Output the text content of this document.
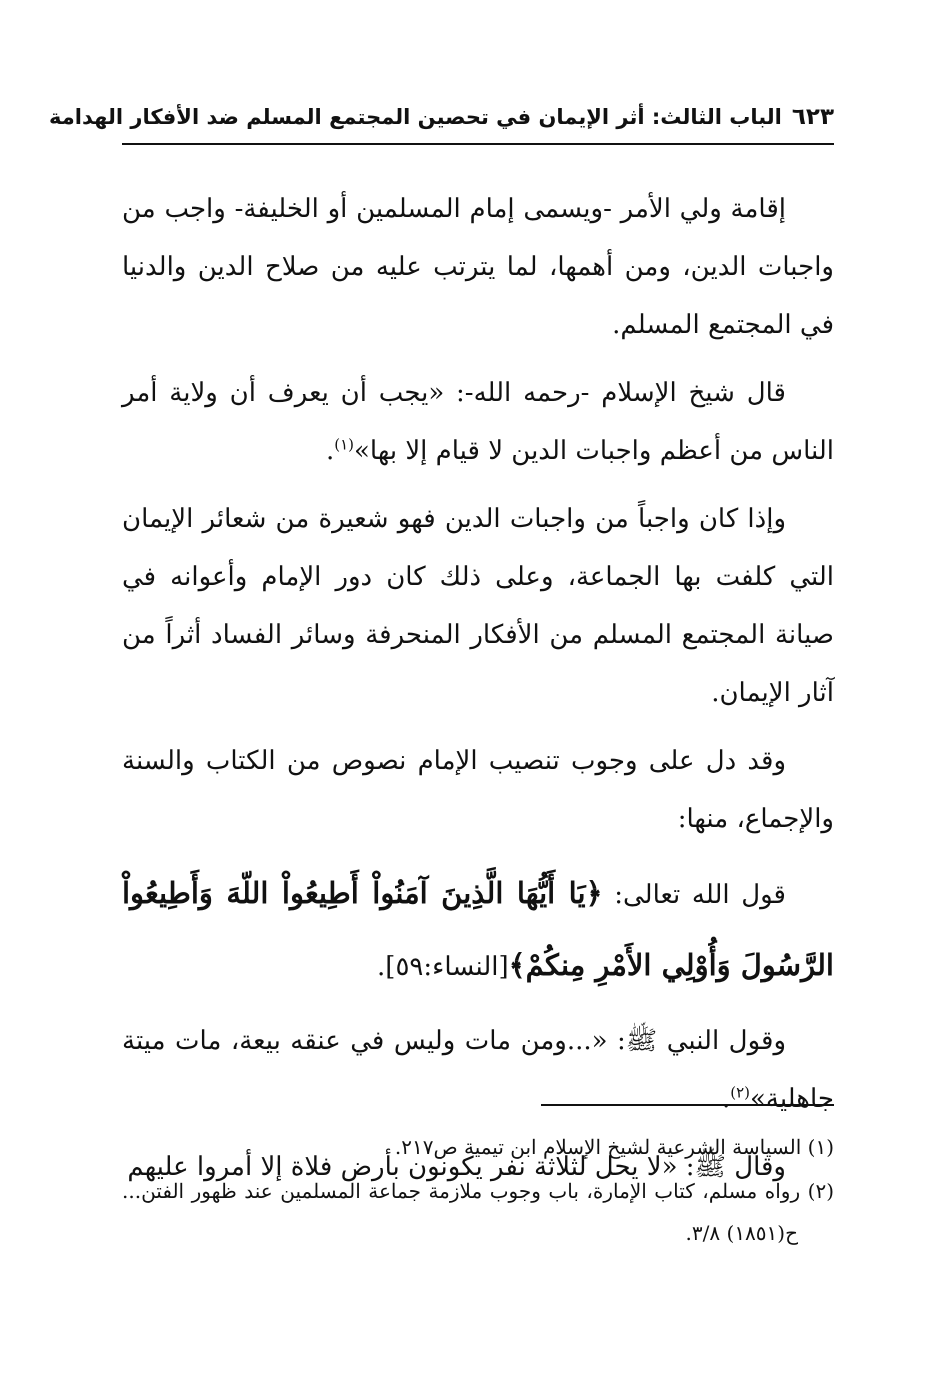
٦٢٣
الباب الثالث: أثر الإيمان في تحصين المجتمع المسلم ضد الأفكار الهدامة

إقامة ولي الأمر -ويسمى إمام المسلمين أو الخليفة- واجب من واجبات الدين، ومن أهمها، لما يترتب عليه من صلاح الدين والدنيا في المجتمع المسلم.

قال شيخ الإسلام -رحمه الله-: «يجب أن يعرف أن ولاية أمر الناس من أعظم واجبات الدين لا قيام إلا بها»$^{(١)}$.

وإذا كان واجباً من واجبات الدين فهو شعيرة من شعائر الإيمان التي كلفت بها الجماعة، وعلى ذلك كان دور الإمام وأعوانه في صيانة المجتمع المسلم من الأفكار المنحرفة وسائر الفساد أثراً من آثار الإيمان.

وقد دل على وجوب تنصيب الإمام نصوص من الكتاب والسنة والإجماع، منها:

قول الله تعالى: ﴿يَا أَيُّهَا الَّذِينَ آمَنُواْ أَطِيعُواْ اللّهَ وَأَطِيعُواْ الرَّسُولَ وَأُوْلِي الأَمْرِ مِنكُمْ﴾[النساء:٥٩].

وقول النبي ﷺ: «...ومن مات وليس في عنقه بيعة، مات ميتة جاهلية»$^{(٢)}$.

وقال ﷺ: «لا يحل لثلاثة نفر يكونون بأرض فلاة إلا أمروا عليهم

(١) السياسة الشرعية لشيخ الإسلام ابن تيمية ص٢١٧.

(٢) رواه مسلم، كتاب الإمارة، باب وجوب ملازمة جماعة المسلمين عند ظهور الفتن... ح(١٨٥١) ٣/٨.
